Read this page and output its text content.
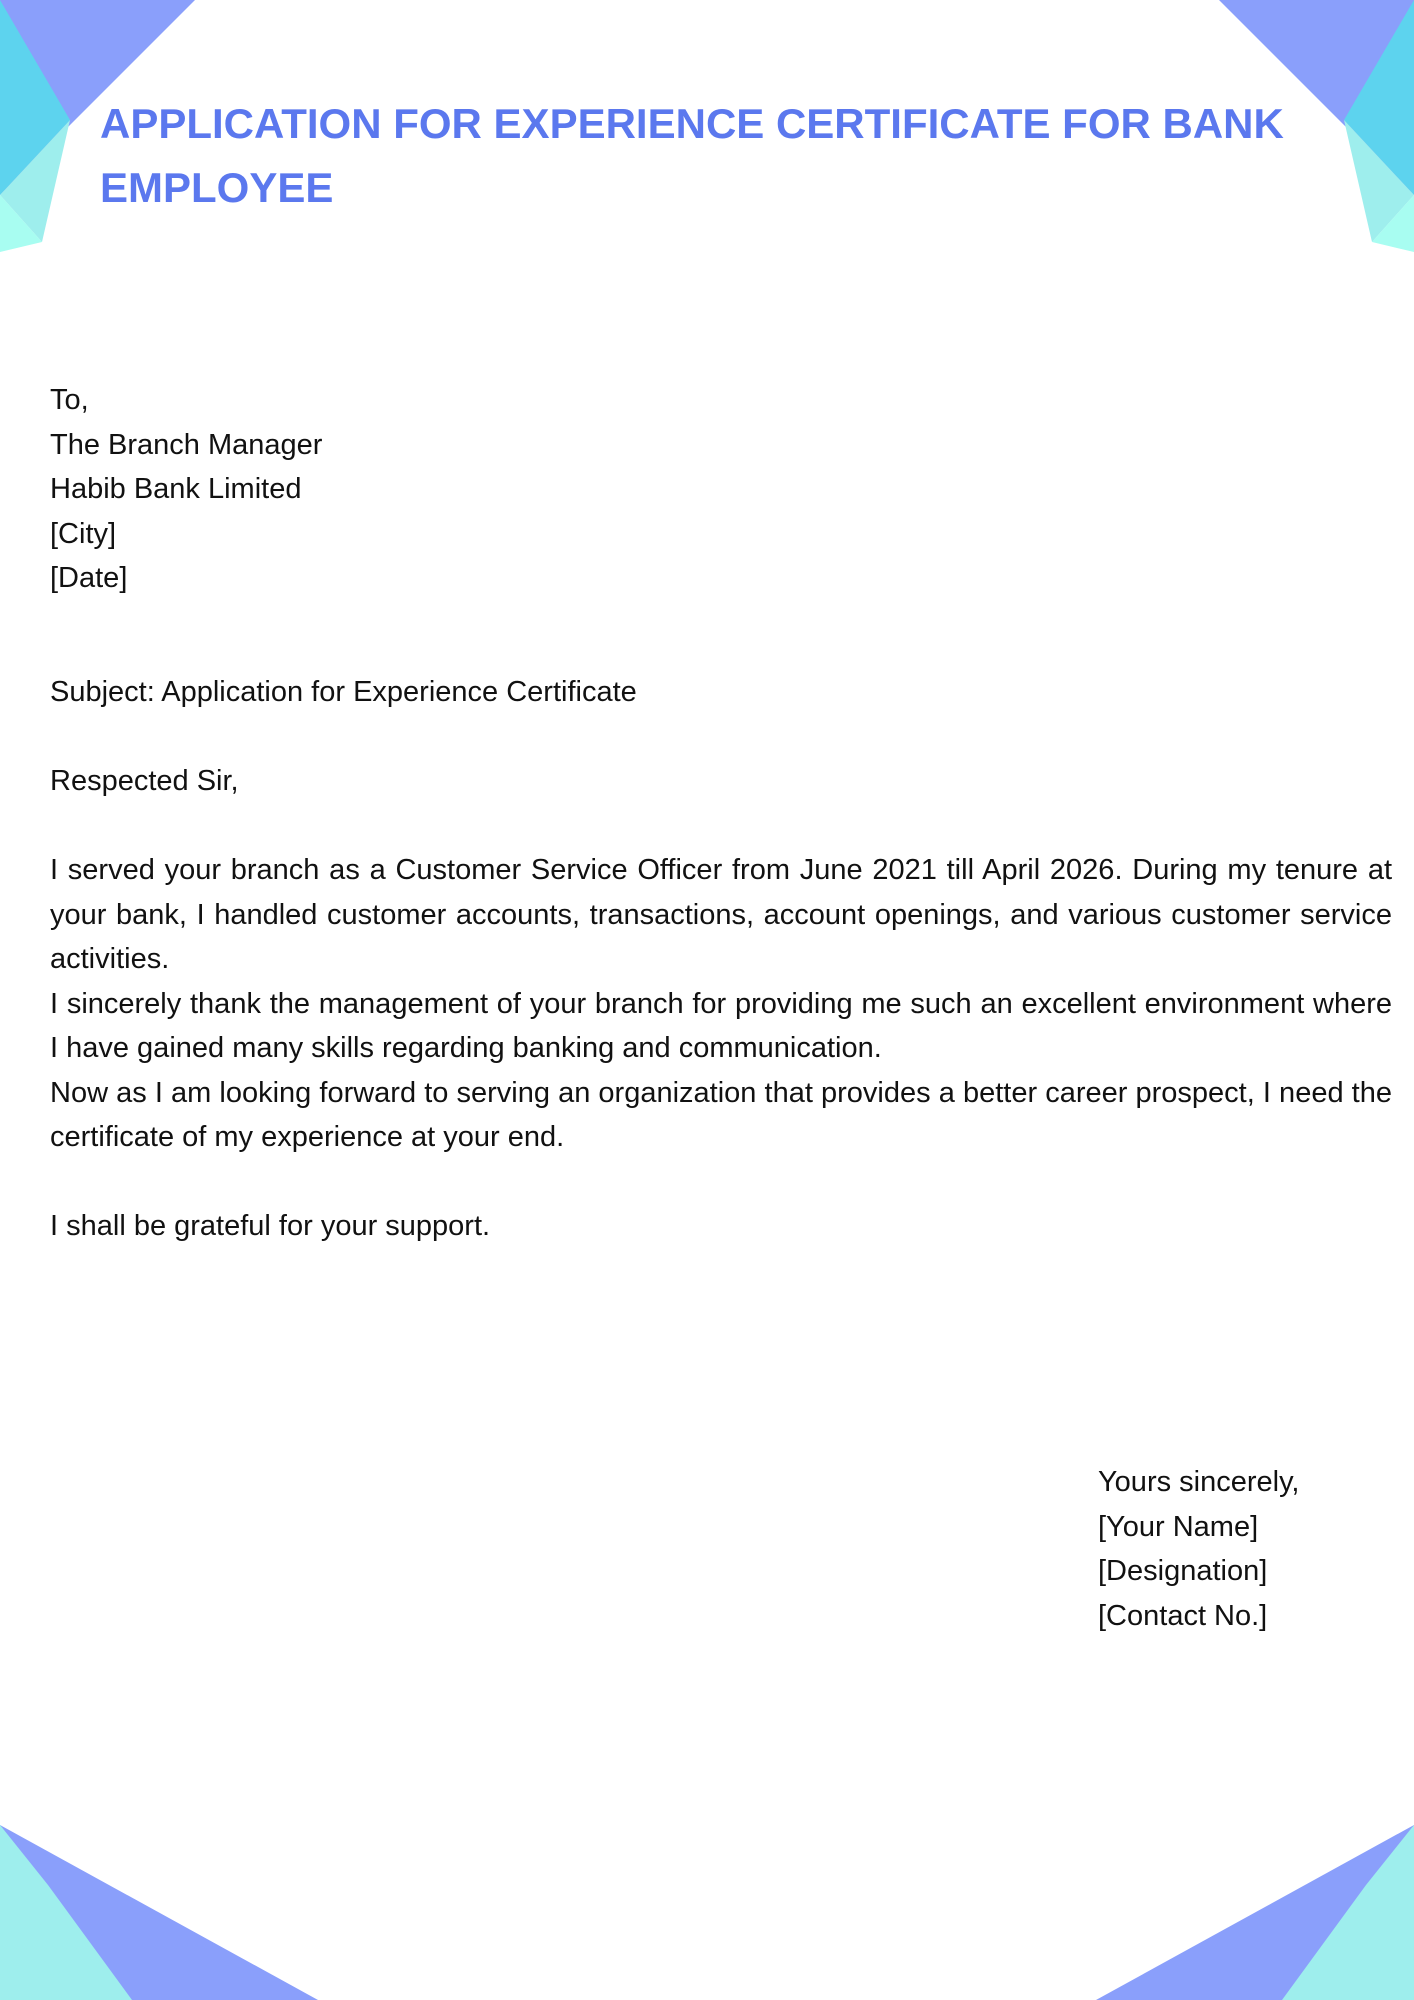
APPLICATION FOR EXPERIENCE CERTIFICATE FOR BANK
EMPLOYEE

To,

The Branch Manager

Habib Bank Limited

[City]

[Date]

Subject: Application for Experience Certificate

Respected Sir,

I served your branch as a Customer Service Officer from June 2021 till April 2026. During my tenure at your bank, I handled customer accounts, transactions, account openings, and various customer service activities.

I sincerely thank the management of your branch for providing me such an excellent environment where I have gained many skills regarding banking and communication.

Now as I am looking forward to serving an organization that provides a better career prospect, I need the certificate of my experience at your end.

I shall be grateful for your support.

Yours sincerely,

[Your Name]

[Designation]

[Contact No.]
